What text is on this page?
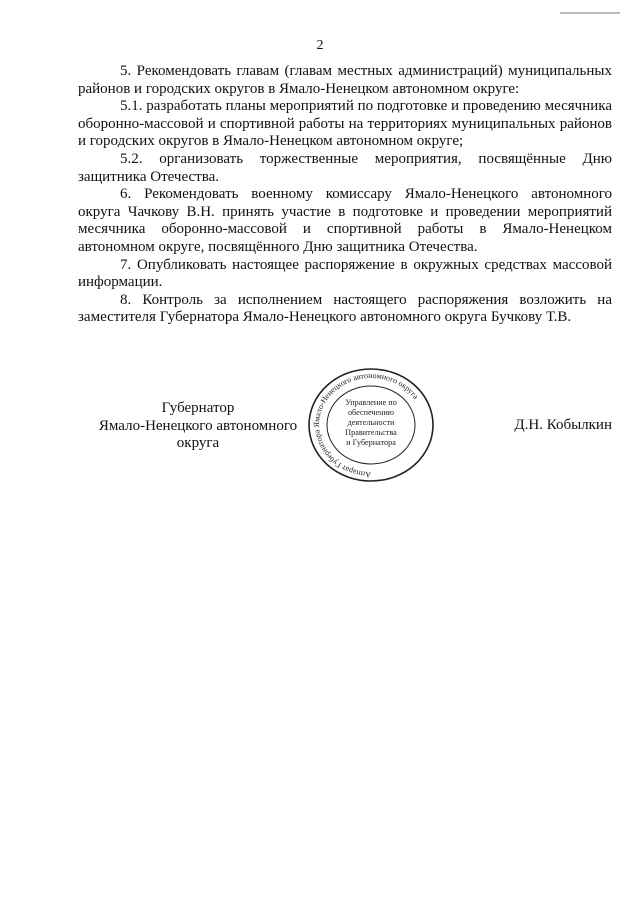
2

5. Рекомендовать главам (главам местных администраций) муниципальных районов и городских округов в Ямало-Ненецком автономном округе:

5.1. разработать планы мероприятий по подготовке и проведению месячника оборонно-массовой и спортивной работы на территориях муниципальных районов и городских округов в Ямало-Ненецком автономном округе;

5.2. организовать торжественные мероприятия, посвящённые Дню защитника Отечества.

6. Рекомендовать военному комиссару Ямало-Ненецкого автономного округа Чачкову В.Н. принять участие в подготовке и проведении мероприятий месячника оборонно-массовой и спортивной работы в Ямало-Ненецком автономном округе, посвящённого Дню защитника Отечества.

7. Опубликовать настоящее распоряжение в окружных средствах массовой информации.

8. Контроль за исполнением настоящего распоряжения возложить на заместителя Губернатора Ямало-Ненецкого автономного округа Бучкову Т.В.

Губернатор
Ямало-Ненецкого автономного округа
Аппарат Губернатора Ямало-Ненецкого автономного округа
Управление по
обеспечению
деятельности
Правительства
и Губернатора
Д.Н. Кобылкин
